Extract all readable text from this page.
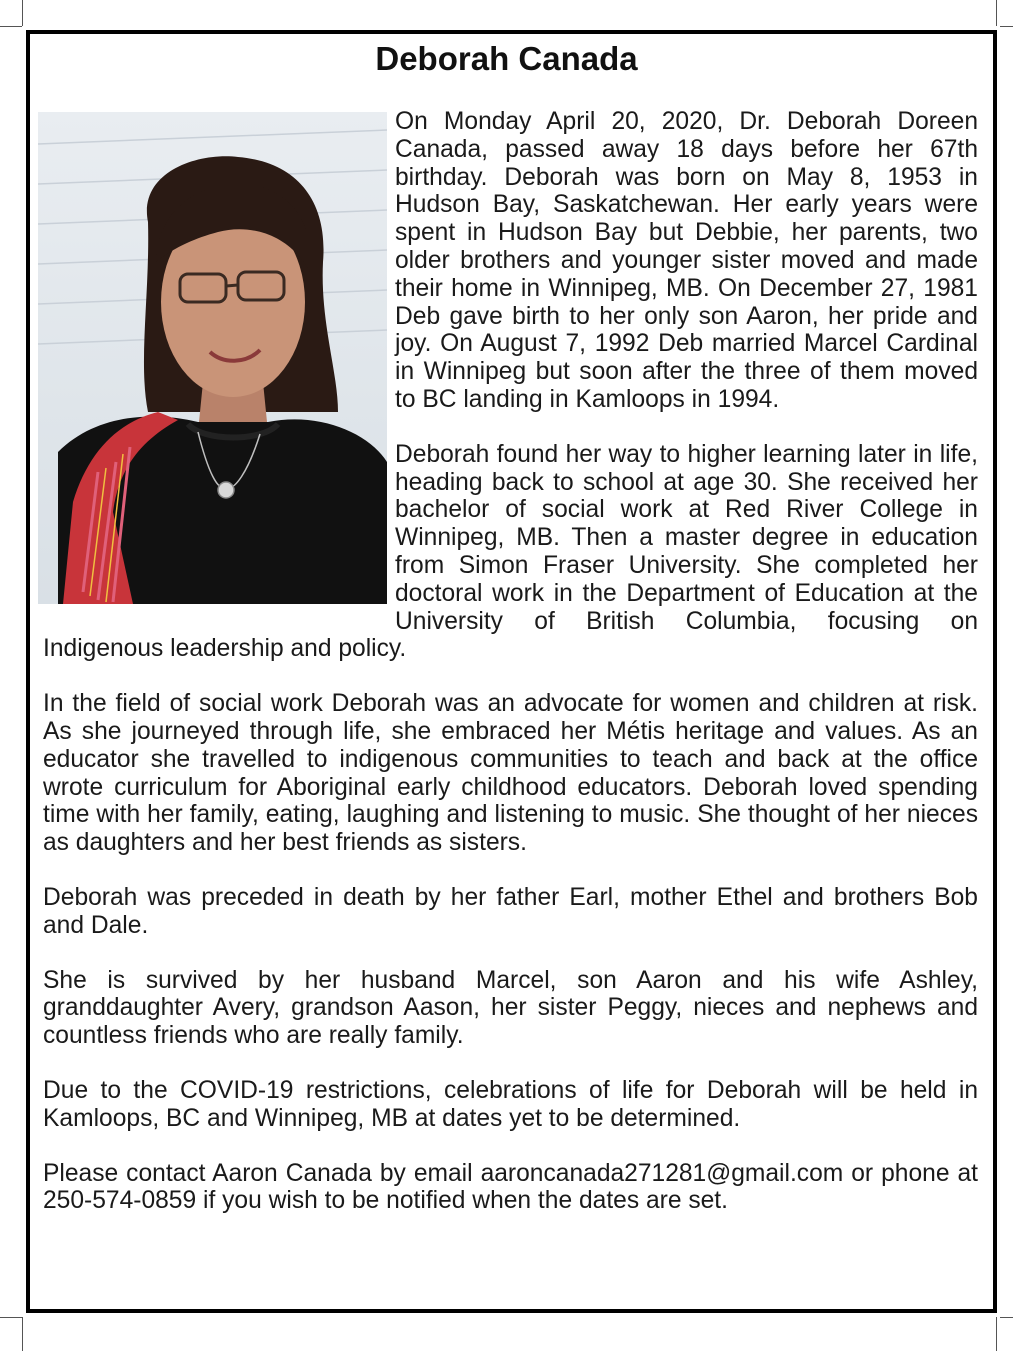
Deborah Canada

On Monday April 20, 2020, Dr. Deborah Doreen Canada, passed away 18 days before her 67th birthday. Deborah was born on May 8, 1953 in Hudson Bay, Saskatchewan. Her early years were spent in Hudson Bay but Debbie, her parents, two older brothers and younger sister moved and made their home in Winnipeg, MB. On December 27, 1981 Deb gave birth to her only son Aaron, her pride and joy. On August 7, 1992 Deb married Marcel Cardinal in Winnipeg but soon after the three of them moved to BC landing in Kamloops in 1994.

Deborah found her way to higher learning later in life, heading back to school at age 30. She received her bachelor of social work at Red River College in Winnipeg, MB. Then a master degree in education from Simon Fraser University. She completed her doctoral work in the Department of Education at the University of British Columbia, focusing on Indigenous leadership and policy.

In the field of social work Deborah was an advocate for women and children at risk. As she journeyed through life, she embraced her Métis heritage and values. As an educator she travelled to indigenous communities to teach and back at the office wrote curriculum for Aboriginal early childhood educators. Deborah loved spending time with her family, eating, laughing and listening to music. She thought of her nieces as daughters and her best friends as sisters.

Deborah was preceded in death by her father Earl, mother Ethel and brothers Bob and Dale.

She is survived by her husband Marcel, son Aaron and his wife Ashley, granddaughter Avery, grandson Aason, her sister Peggy, nieces and nephews and countless friends who are really family.

Due to the COVID-19 restrictions, celebrations of life for Deborah will be held in Kamloops, BC and Winnipeg, MB at dates yet to be determined.

Please contact Aaron Canada by email aaroncanada271281@gmail.com or phone at 250-574-0859 if you wish to be notified when the dates are set.
